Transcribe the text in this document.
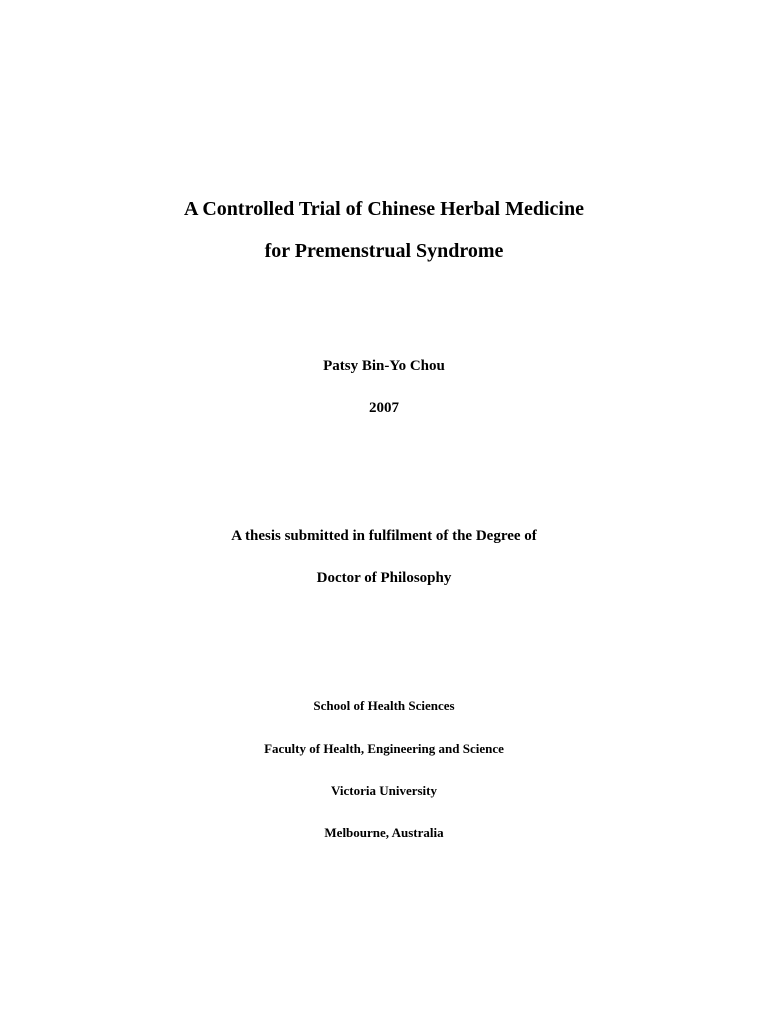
A Controlled Trial of Chinese Herbal Medicine
for Premenstrual Syndrome
Patsy Bin-Yo Chou
2007
A thesis submitted in fulfilment of the Degree of
Doctor of Philosophy
School of Health Sciences
Faculty of Health, Engineering and Science
Victoria University
Melbourne, Australia
